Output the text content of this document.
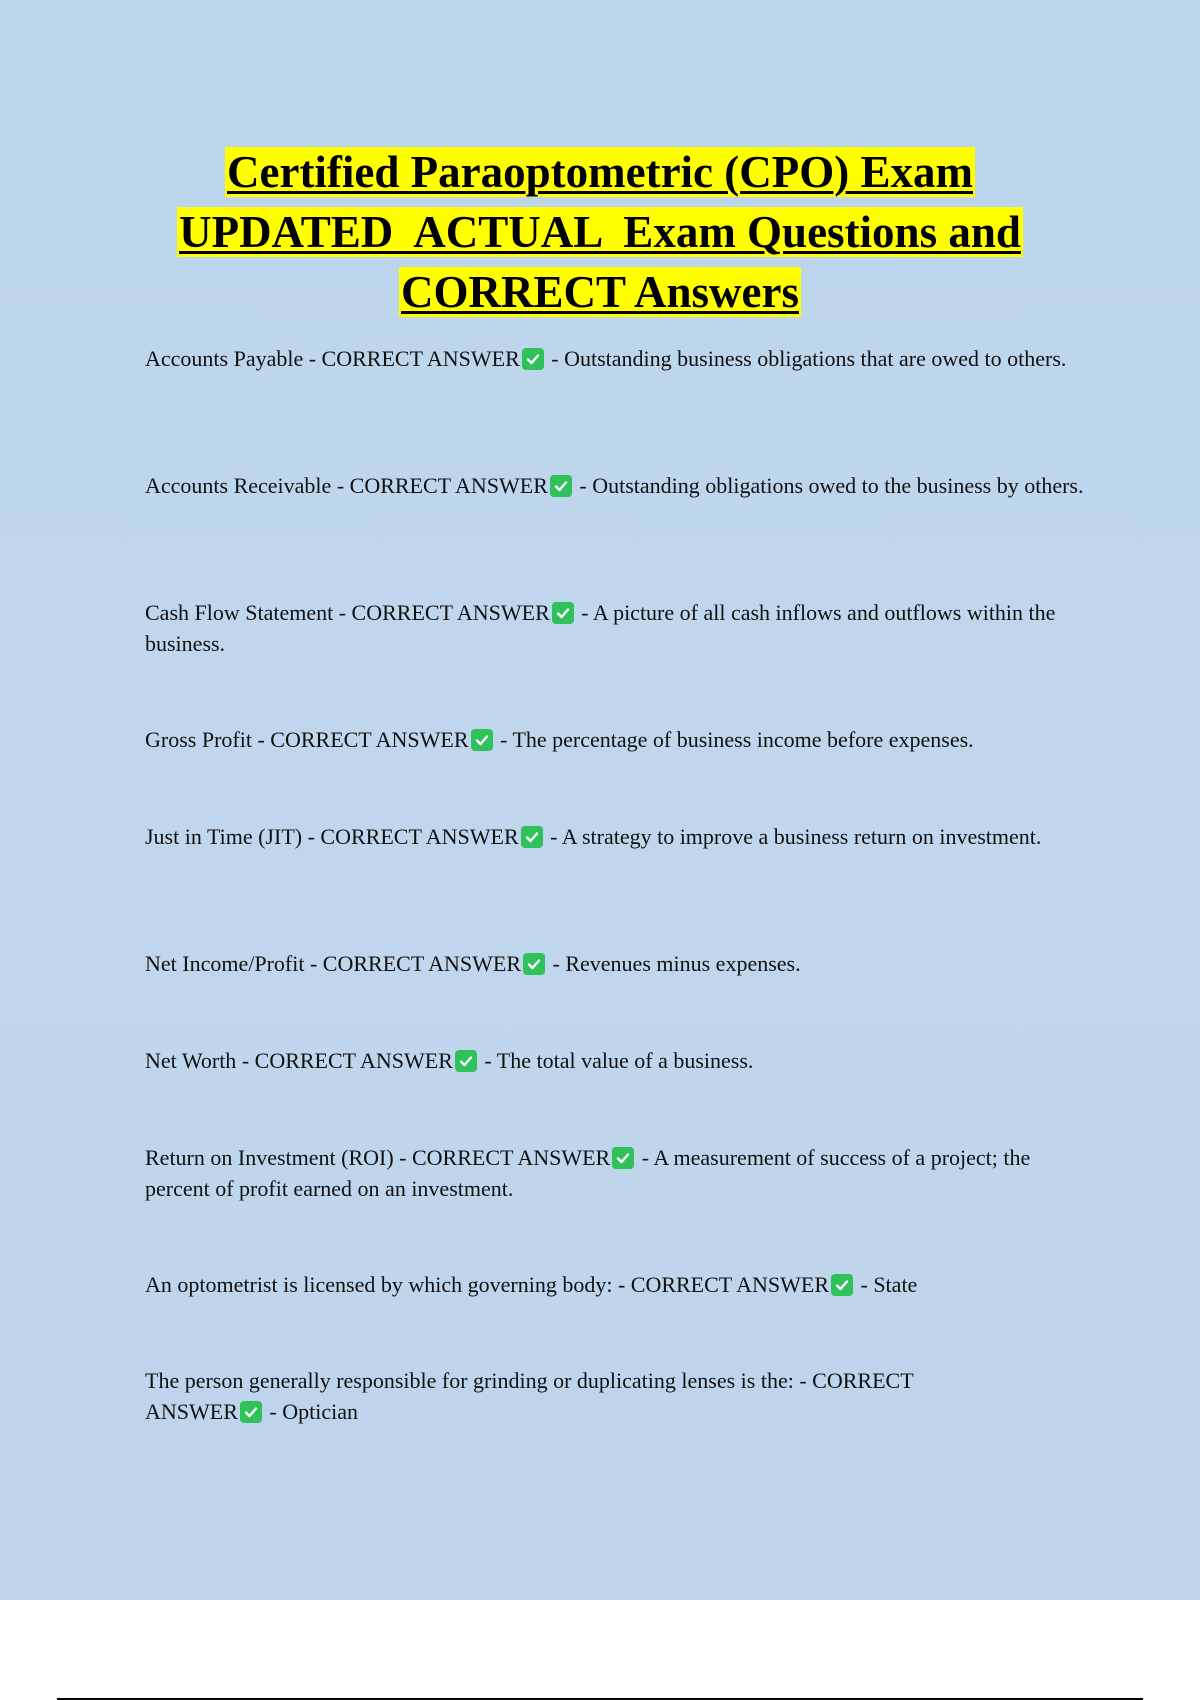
Certified Paraoptometric (CPO) Exam
UPDATED  ACTUAL  Exam Questions and
CORRECT Answers
Accounts Payable - CORRECT ANSWER - Outstanding business obligations that are owed to others.
Accounts Receivable - CORRECT ANSWER - Outstanding obligations owed to the business by others.
Cash Flow Statement - CORRECT ANSWER - A picture of all cash inflows and outflows within the business.
Gross Profit - CORRECT ANSWER - The percentage of business income before expenses.
Just in Time (JIT) - CORRECT ANSWER - A strategy to improve a business return on investment.
Net Income/Profit - CORRECT ANSWER - Revenues minus expenses.
Net Worth - CORRECT ANSWER - The total value of a business.
Return on Investment (ROI) - CORRECT ANSWER - A measurement of success of a project; the percent of profit earned on an investment.
An optometrist is licensed by which governing body: - CORRECT ANSWER - State
The person generally responsible for grinding or duplicating lenses is the: - CORRECT ANSWER - Optician
